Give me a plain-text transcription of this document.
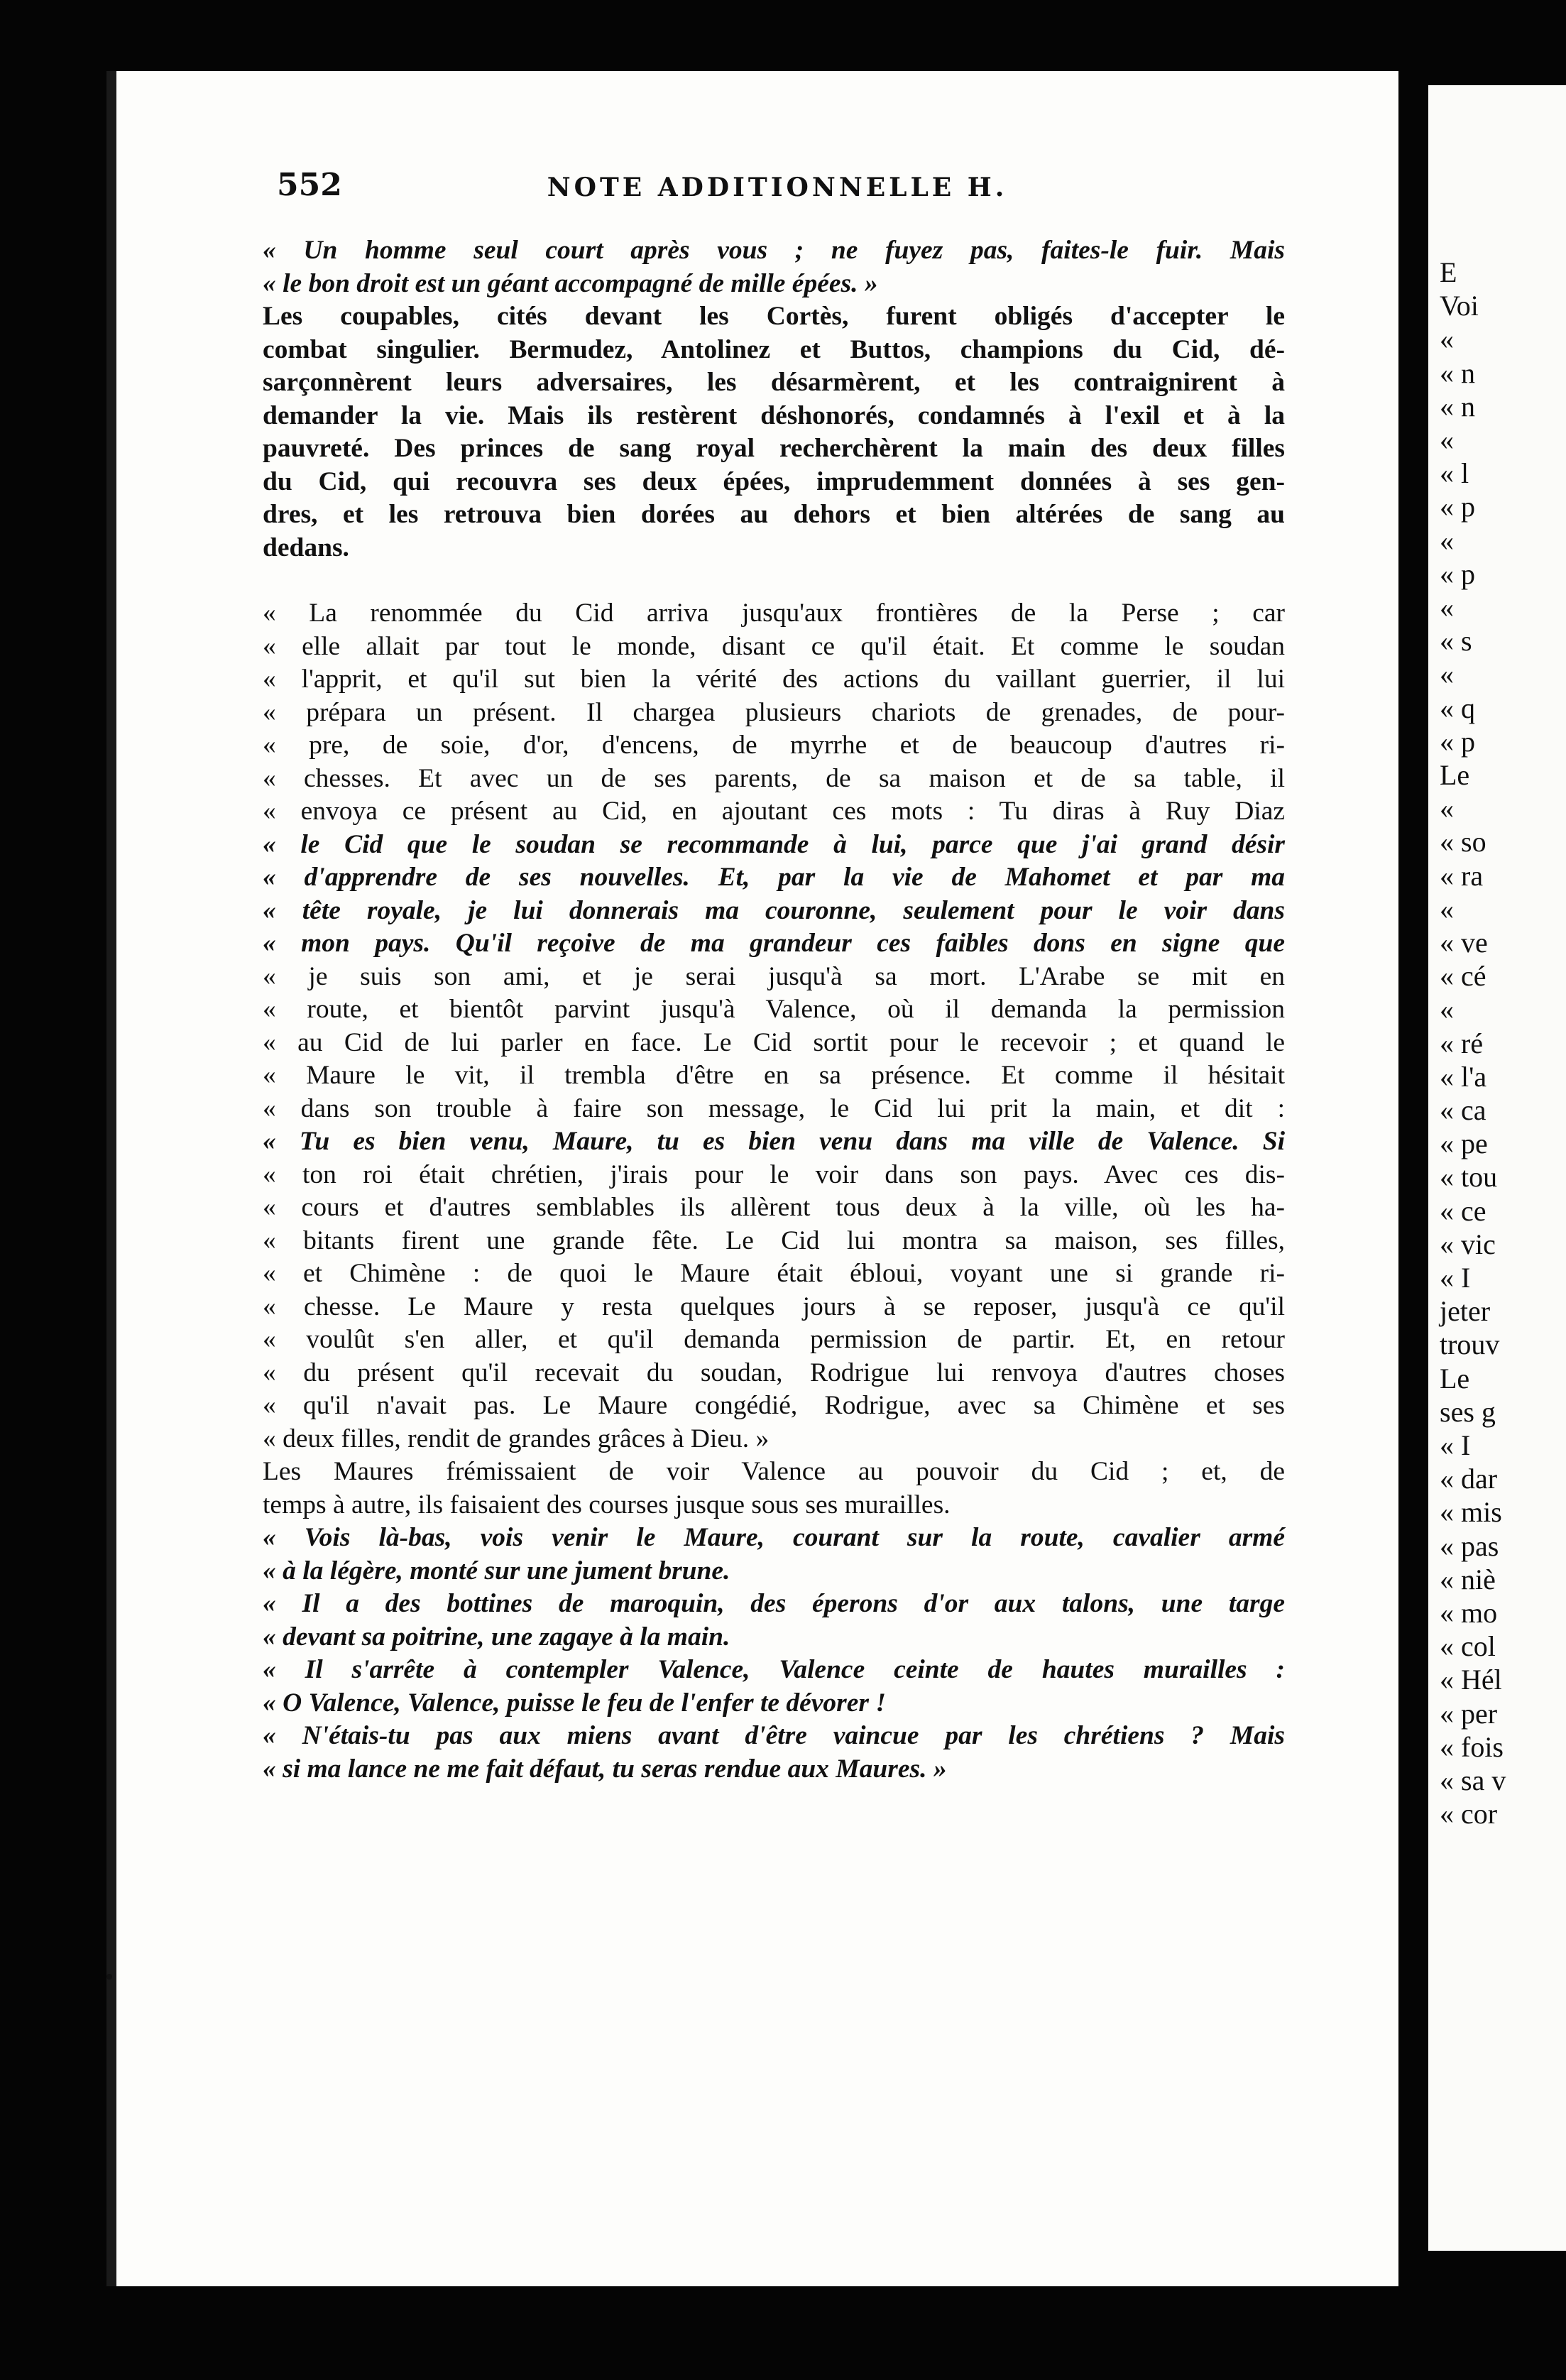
552	NOTE ADDITIONNELLE H.
« Un homme seul court après vous ; ne fuyez pas, faites-le fuir. Mais
« le bon droit est un géant accompagné de mille épées. »
Les coupables, cités devant les Cortès, furent obligés d'accepter le
combat singulier. Bermudez, Antolinez et Buttos, champions du Cid, dé-
sarçonnèrent leurs adversaires, les désarmèrent, et les contraignirent à
demander la vie. Mais ils restèrent déshonorés, condamnés à l'exil et à la
pauvreté. Des princes de sang royal recherchèrent la main des deux filles
du Cid, qui recouvra ses deux épées, imprudemment données à ses gen-
dres, et les retrouva bien dorées au dehors et bien altérées de sang au
dedans.
« La renommée du Cid arriva jusqu'aux frontières de la Perse ; car
« elle allait par tout le monde, disant ce qu'il était. Et comme le soudan
« l'apprit, et qu'il sut bien la vérité des actions du vaillant guerrier, il lui
« prépara un présent. Il chargea plusieurs chariots de grenades, de pour-
« pre, de soie, d'or, d'encens, de myrrhe et de beaucoup d'autres ri-
« chesses. Et avec un de ses parents, de sa maison et de sa table, il
« envoya ce présent au Cid, en ajoutant ces mots : Tu diras à Ruy Diaz
« le Cid que le soudan se recommande à lui, parce que j'ai grand désir
« d'apprendre de ses nouvelles. Et, par la vie de Mahomet et par ma
« tête royale, je lui donnerais ma couronne, seulement pour le voir dans
« mon pays. Qu'il reçoive de ma grandeur ces faibles dons en signe que
« je suis son ami, et je serai jusqu'à sa mort. L'Arabe se mit en
« route, et bientôt parvint jusqu'à Valence, où il demanda la permission
« au Cid de lui parler en face. Le Cid sortit pour le recevoir ; et quand le
« Maure le vit, il trembla d'être en sa présence. Et comme il hésitait
« dans son trouble à faire son message, le Cid lui prit la main, et dit :
« Tu es bien venu, Maure, tu es bien venu dans ma ville de Valence. Si
« ton roi était chrétien, j'irais pour le voir dans son pays. Avec ces dis-
« cours et d'autres semblables ils allèrent tous deux à la ville, où les ha-
« bitants firent une grande fête. Le Cid lui montra sa maison, ses filles,
« et Chimène : de quoi le Maure était ébloui, voyant une si grande ri-
« chesse. Le Maure y resta quelques jours à se reposer, jusqu'à ce qu'il
« voulût s'en aller, et qu'il demanda permission de partir. Et, en retour
« du présent qu'il recevait du soudan, Rodrigue lui renvoya d'autres choses
« qu'il n'avait pas. Le Maure congédié, Rodrigue, avec sa Chimène et ses
« deux filles, rendit de grandes grâces à Dieu. »
Les Maures frémissaient de voir Valence au pouvoir du Cid ; et, de
temps à autre, ils faisaient des courses jusque sous ses murailles.
« Vois là-bas, vois venir le Maure, courant sur la route, cavalier armé
« à la légère, monté sur une jument brune.
« Il a des bottines de maroquin, des éperons d'or aux talons, une targe
« devant sa poitrine, une zagaye à la main.
« Il s'arrête à contempler Valence, Valence ceinte de hautes murailles :
« O Valence, Valence, puisse le feu de l'enfer te dévorer !
« N'étais-tu pas aux miens avant d'être vaincue par les chrétiens ? Mais
« si ma lance ne me fait défaut, tu seras rendue aux Maures. »
E
Voi
«
« n
« n
«
« l
« p
«
« p
«
« s
«
« q
« p
Le
«
« so
« ra
«
« ve
« cé
«
« ré
« l'a
« ca
« pe
« tou
« ce
« vic
« I
jeter
trouv
Le
ses g
« I
« dar
« mis
« pas
« niè
« mo
« col
« Hél
« per
« fois
« sa v
« cor
